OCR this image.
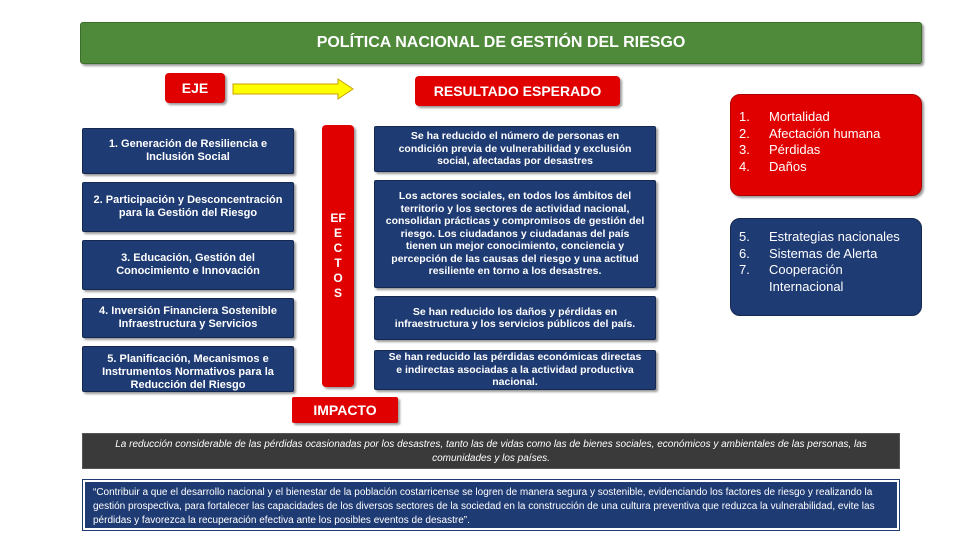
POLÍTICA NACIONAL DE GESTIÓN DEL RIESGO
EJE	RESULTADO ESPERADO
1. Generación de Resiliencia e Inclusión Social
2. Participación y Desconcentración para la Gestión del Riesgo
3. Educación, Gestión del Conocimiento e Innovación
4. Inversión Financiera Sostenible Infraestructura y Servicios
5. Planificación, Mecanismos e Instrumentos Normativos para la Reducción del Riesgo
EF
E
C
T
O
S
Se ha reducido el número de personas en condición previa de vulnerabilidad y exclusión social, afectadas por desastres
Los actores sociales, en todos los ámbitos del territorio y los sectores de actividad nacional, consolidan prácticas y compromisos de gestión del riesgo. Los ciudadanos y ciudadanas del país tienen un mejor conocimiento, conciencia y percepción de las causas del riesgo y una actitud resiliente en torno a los desastres.
Se han reducido los daños y pérdidas en infraestructura y los servicios públicos del país.
Se han reducido las pérdidas económicas directas e indirectas asociadas a la actividad productiva nacional.
1.	Mortalidad
2.	Afectación humana
3.	Pérdidas
4.	Daños
5.	Estrategias nacionales
6.	Sistemas de Alerta
7.	Cooperación Internacional
IMPACTO
La reducción considerable de las pérdidas ocasionadas por los desastres, tanto las de vidas como las de bienes sociales, económicos y ambientales de las personas, las comunidades y los países.
“Contribuir a que el desarrollo nacional y el bienestar de la población costarricense se logren de manera segura y sostenible, evidenciando los factores de riesgo y realizando la gestión prospectiva, para fortalecer las capacidades de los diversos sectores de la sociedad en la construcción de una cultura preventiva que reduzca la vulnerabilidad, evite las pérdidas y favorezca la recuperación efectiva ante los posibles eventos de desastre”.
